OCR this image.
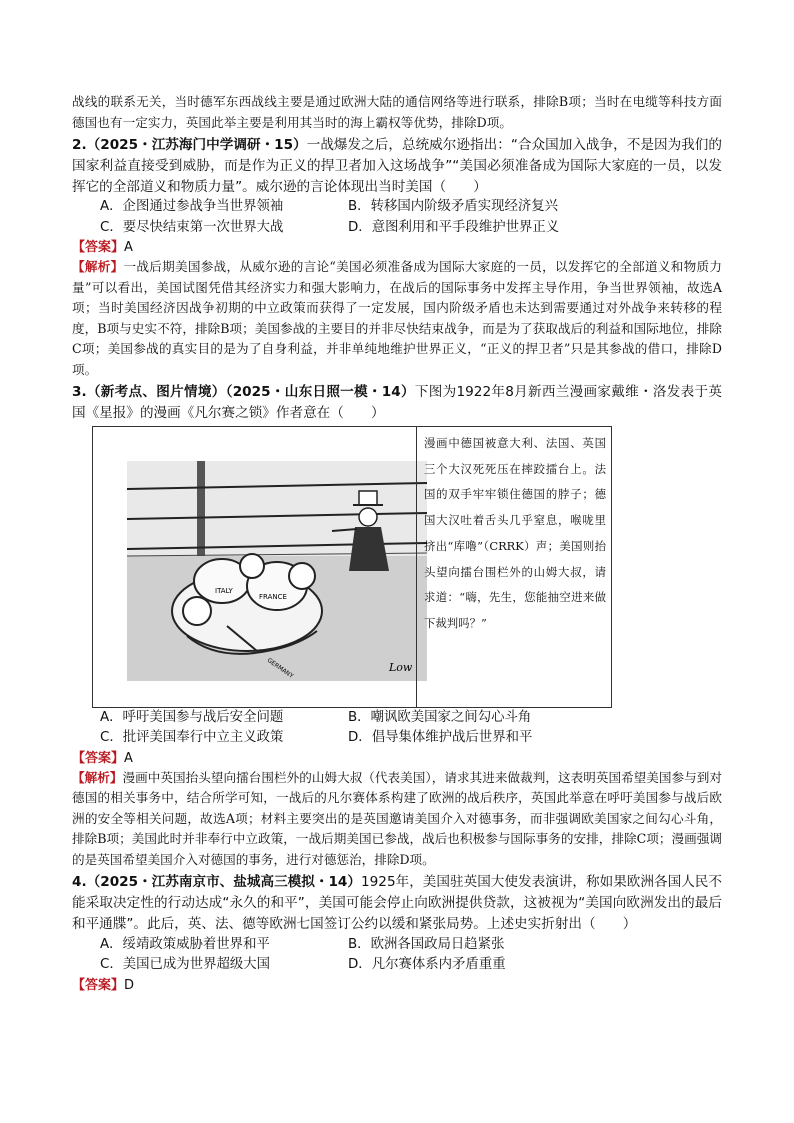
战线的联系无关，当时德军东西战线主要是通过欧洲大陆的通信网络等进行联系，排除B项；当时在电缆等科技方面德国也有一定实力，英国此举主要是利用其当时的海上霸权等优势，排除D项。

2.（2025・江苏海门中学调研・15）一战爆发之后，总统威尔逊指出：“合众国加入战争，不是因为我们的国家利益直接受到威胁，而是作为正义的捍卫者加入这场战争”“美国必须准备成为国际大家庭的一员，以发挥它的全部道义和物质力量”。威尔逊的言论体现出当时美国（　　）

A．企图通过参战争当世界领袖	B．转移国内阶级矛盾实现经济复兴
C．要尽快结束第一次世界大战	D．意图利用和平手段维护世界正义

【答案】A

【解析】一战后期美国参战，从威尔逊的言论“美国必须准备成为国际大家庭的一员，以发挥它的全部道义和物质力量”可以看出，美国试图凭借其经济实力和强大影响力，在战后的国际事务中发挥主导作用，争当世界领袖，故选A项；当时美国经济因战争初期的中立政策而获得了一定发展，国内阶级矛盾也未达到需要通过对外战争来转移的程度，B项与史实不符，排除B项；美国参战的主要目的并非尽快结束战争，而是为了获取战后的利益和国际地位，排除C项；美国参战的真实目的是为了自身利益，并非单纯地维护世界正义，“正义的捍卫者”只是其参战的借口，排除D项。

3.（新考点、图片情境）（2025・山东日照一模・14）下图为1922年8月新西兰漫画家戴维・洛发表于英国《星报》的漫画《凡尔赛之锁》作者意在（　　）

ITALY
FRANCE
GERMANY	Low
漫画中德国被意大利、法国、英国三个大汉死死压在摔跤擂台上。法国的双手牢牢锁住德国的脖子；德国大汉吐着舌头几乎窒息，喉咙里挤出“库噜”（CRRK）声；美国则抬头望向擂台围栏外的山姆大叔，请求道：“嗨，先生，您能抽空进来做下裁判吗？”
A．呼吁美国参与战后安全问题	B．嘲讽欧美国家之间勾心斗角
C．批评美国奉行中立主义政策	D．倡导集体维护战后世界和平

【答案】A

【解析】漫画中英国抬头望向擂台围栏外的山姆大叔（代表美国），请求其进来做裁判，这表明英国希望美国参与到对德国的相关事务中，结合所学可知，一战后的凡尔赛体系构建了欧洲的战后秩序，英国此举意在呼吁美国参与战后欧洲的安全等相关问题，故选A项；材料主要突出的是英国邀请美国介入对德事务，而非强调欧美国家之间勾心斗角，排除B项；美国此时并非奉行中立政策，一战后期美国已参战，战后也积极参与国际事务的安排，排除C项；漫画强调的是英国希望美国介入对德国的事务，进行对德惩治，排除D项。

4.（2025・江苏南京市、盐城高三模拟・14）1925年，美国驻英国大使发表演讲，称如果欧洲各国人民不能采取决定性的行动达成“永久的和平”，美国可能会停止向欧洲提供贷款，这被视为“美国向欧洲发出的最后和平通牒”。此后，英、法、德等欧洲七国签订公约以缓和紧张局势。上述史实折射出（　　）

A．绥靖政策威胁着世界和平	B．欧洲各国政局日趋紧张
C．美国已成为世界超级大国	D．凡尔赛体系内矛盾重重

【答案】D
